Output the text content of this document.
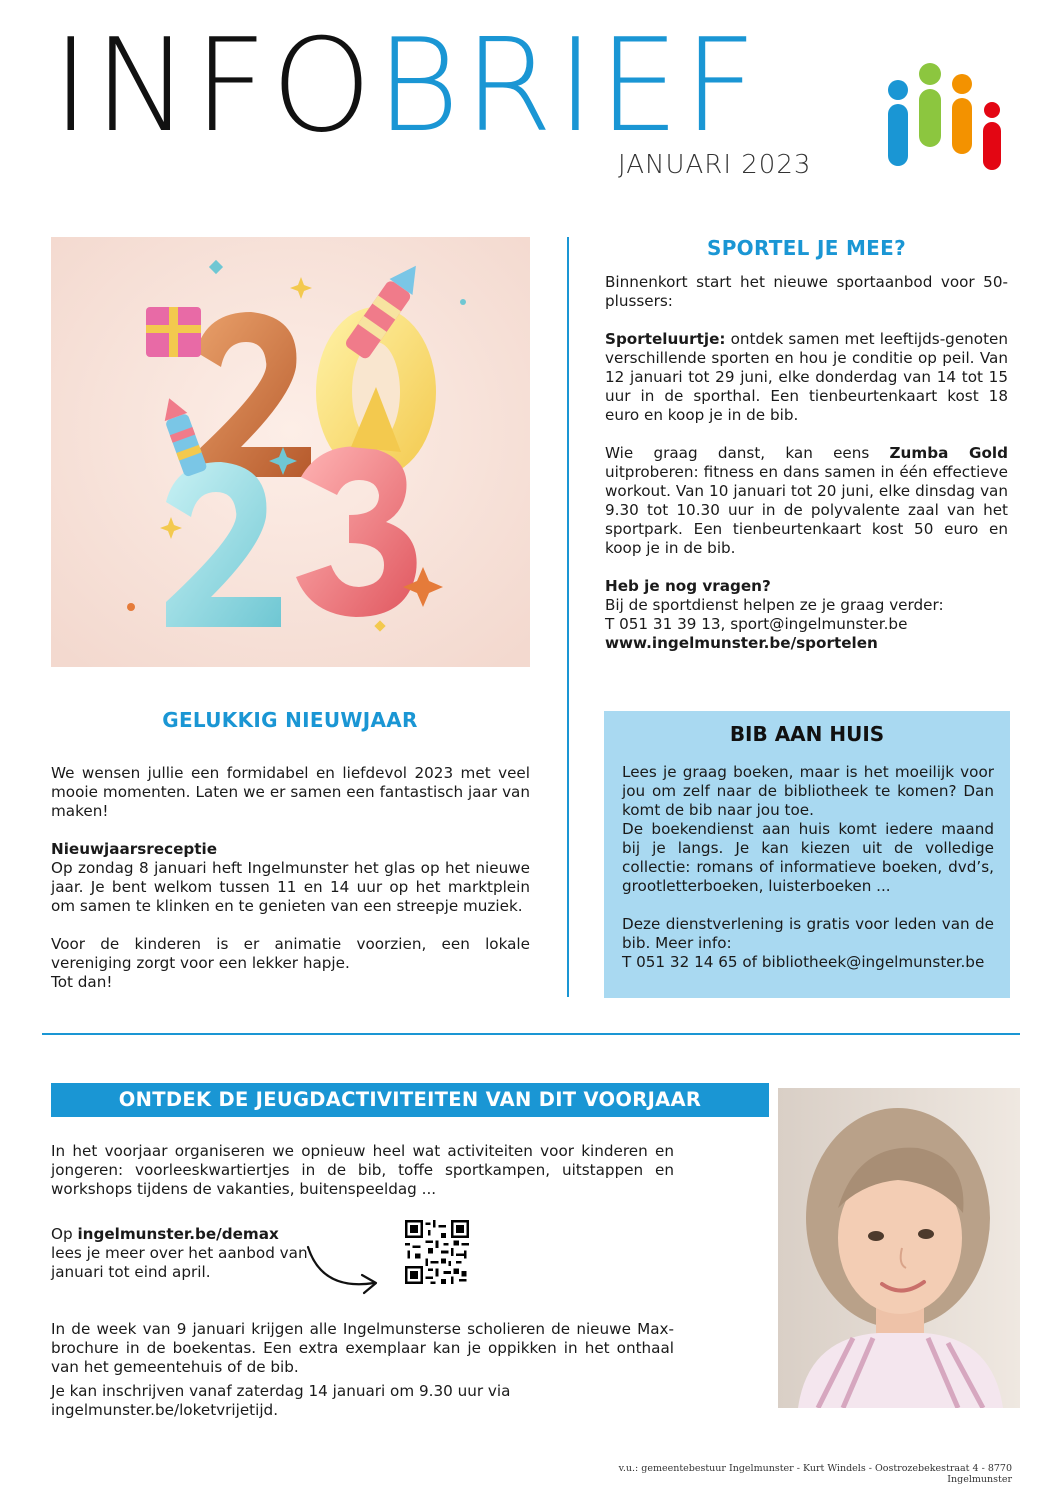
INFOBRIEF
JANUARI 2023
SPORTEL JE MEE?

Binnenkort start het nieuwe sportaanbod voor 50-plussers:

Sporteluurtje: ontdek samen met leeftijds-genoten verschillende sporten en hou je conditie op peil. Van 12 januari tot 29 juni, elke donderdag van 14 tot 15 uur in de sporthal. Een tienbeurtenkaart kost 18 euro en koop je in de bib.

Wie graag danst, kan eens Zumba Gold uitproberen: fitness en dans samen in één effectieve workout. Van 10 januari tot 20 juni, elke dinsdag van 9.30 tot 10.30 uur in de polyvalente zaal van het sportpark. Een tienbeurtenkaart kost 50 euro en koop je in de bib.

Heb je nog vragen?

Bij de sportdienst helpen ze je graag verder:

T 051 31 39 13, sport@ingelmunster.be

www.ingelmunster.be/sportelen

GELUKKIG NIEUWJAAR

We wensen jullie een formidabel en liefdevol 2023 met veel mooie momenten. Laten we er samen een fantastisch jaar van maken!

Nieuwjaarsreceptie

Op zondag 8 januari heft Ingelmunster het glas op het nieuwe jaar. Je bent welkom tussen 11 en 14 uur op het marktplein om samen te klinken en te genieten van een streepje muziek.

Voor de kinderen is er animatie voorzien, een lokale vereniging zorgt voor een lekker hapje.

Tot dan!

BIB AAN HUIS

Lees je graag boeken, maar is het moeilijk voor jou om zelf naar de bibliotheek te komen? Dan komt de bib naar jou toe.

De boekendienst aan huis komt iedere maand bij je langs. Je kan kiezen uit de volledige collectie: romans of informatieve boeken, dvd’s, grootletterboeken, luisterboeken ...

Deze dienstverlening is gratis voor leden van de bib. Meer info:

T 051 32 14 65 of bibliotheek@ingelmunster.be

ONTDEK DE JEUGDACTIVITEITEN VAN DIT VOORJAAR

In het voorjaar organiseren we opnieuw heel wat activiteiten voor kinderen en jongeren: voorleeskwartiertjes in de bib, toffe sportkampen, uitstappen en workshops tijdens de vakanties, buitenspeeldag ...

Op ingelmunster.be/demax
lees je meer over het aanbod van januari tot eind april.

In de week van 9 januari krijgen alle Ingelmunsterse scholieren de nieuwe Max-brochure in de boekentas. Een extra exemplaar kan je oppikken in het onthaal van het gemeentehuis of de bib.

Je kan inschrijven vanaf zaterdag 14 januari om 9.30 uur via ingelmunster.be/loketvrijetijd.

v.u.: gemeentebestuur Ingelmunster - Kurt Windels - Oostrozebekestraat 4 - 8770 Ingelmunster
